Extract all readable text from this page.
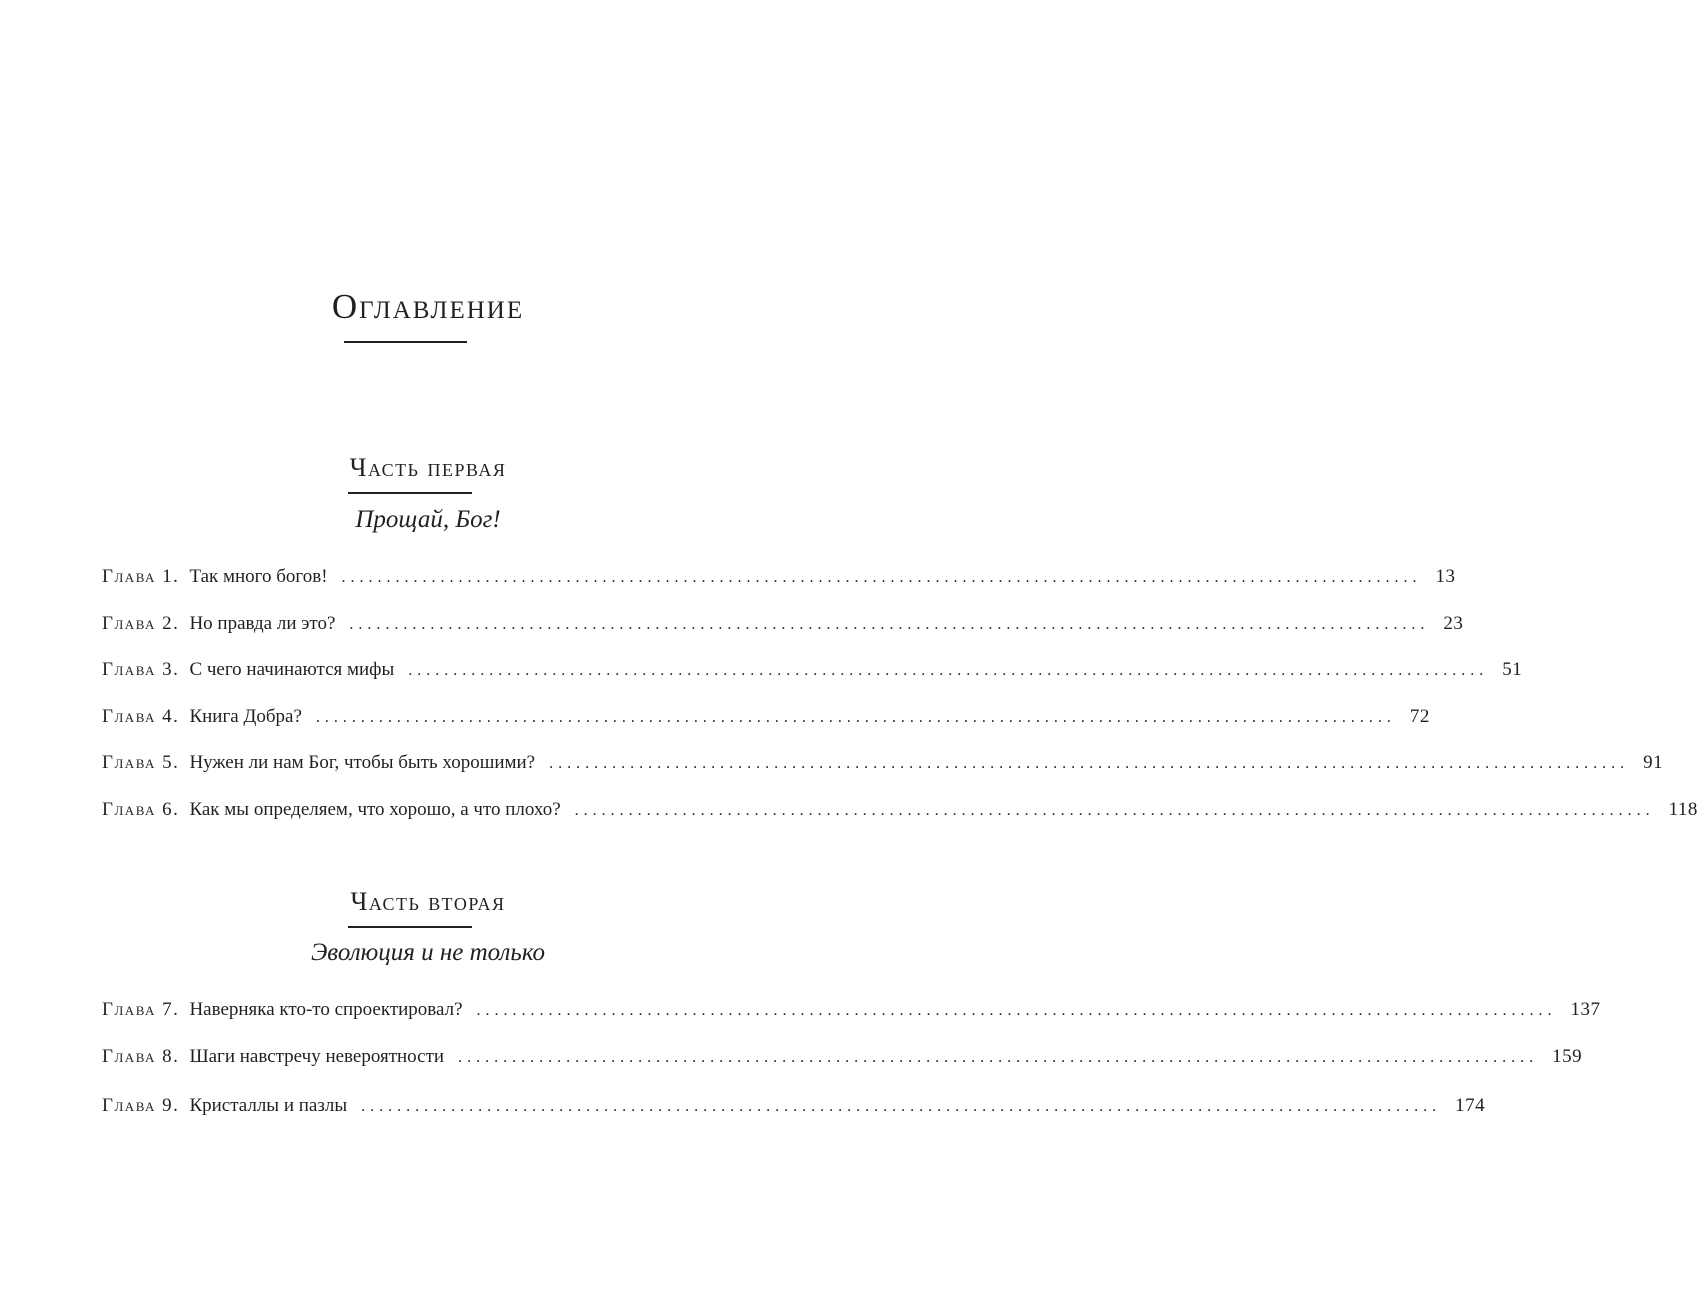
Оглавление
Часть первая
Прощай, Бог!
Глава 1. Так много богов! ........................................................................................................................ 13
Глава 2. Но правда ли это? ........................................................................................................................ 23
Глава 3. С чего начинаются мифы ........................................................................................................................ 51
Глава 4. Книга Добра? ........................................................................................................................ 72
Глава 5. Нужен ли нам Бог, чтобы быть хорошими? ........................................................................................................................ 91
Глава 6. Как мы определяем, что хорошо, а что плохо? ........................................................................................................................ 118
Часть вторая
Эволюция и не только
Глава 7. Наверняка кто-то спроектировал? ........................................................................................................................ 137
Глава 8. Шаги навстречу невероятности ........................................................................................................................ 159
Глава 9. Кристаллы и пазлы ........................................................................................................................ 174
